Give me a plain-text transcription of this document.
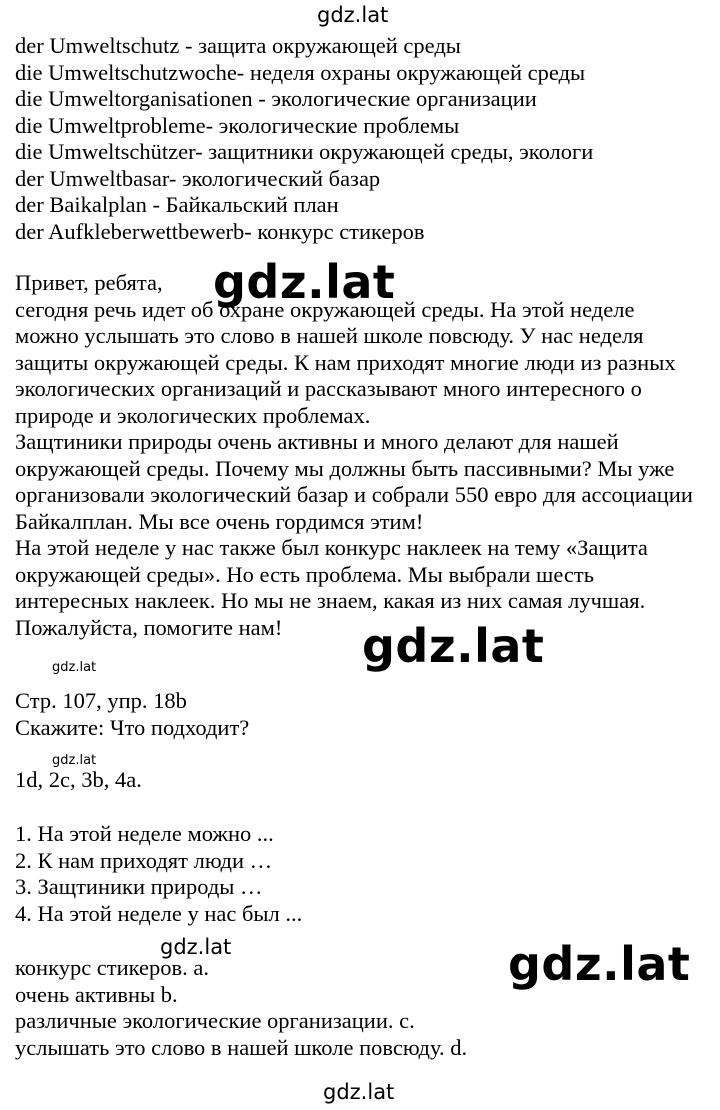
gdz.lat
gdz.lat
gdz.lat
gdz.lat
gdz.lat
gdz.lat	gdz.lat
gdz.lat
der Umweltschutz - защита окружающей среды
die Umweltschutzwoche- неделя охраны окружающей среды
die Umweltorganisationen - экологические организации
die Umweltprobleme- экологические проблемы
die Umweltschützer- защитники окружающей среды, экологи
der Umweltbasar- экологический базар
der Baikalplan - Байкальский план
der Aufkleberwettbewerb- конкурс стикеров
Привет, ребята,
сегодня речь идет об охране окружающей среды. На этой неделе
можно услышать это слово в нашей школе повсюду. У нас неделя
защиты окружающей среды. К нам приходят многие люди из разных
экологических организаций и рассказывают много интересного о
природе и экологических проблемах.
Защтиники природы очень активны и много делают для нашей
окружающей среды. Почему мы должны быть пассивными? Мы уже
организовали экологический базар и собрали 550 евро для ассоциации
Байкалплан. Мы все очень гордимся этим!
На этой неделе у нас также был конкурс наклеек на тему «Защита
окружающей среды». Но есть проблема. Мы выбрали шесть
интересных наклеек. Но мы не знаем, какая из них самая лучшая.
Пожалуйста, помогите нам!
Стр. 107, упр. 18b
Скажите: Что подходит?
1d, 2c, 3b, 4a.
1. На этой неделе можно ...
2. К нам приходят люди …
3. Защтиники природы …
4. На этой неделе у нас был ...
конкурс стикеров. a.
очень активны b.
различные экологические организации. c.
услышать это слово в нашей школе повсюду. d.
